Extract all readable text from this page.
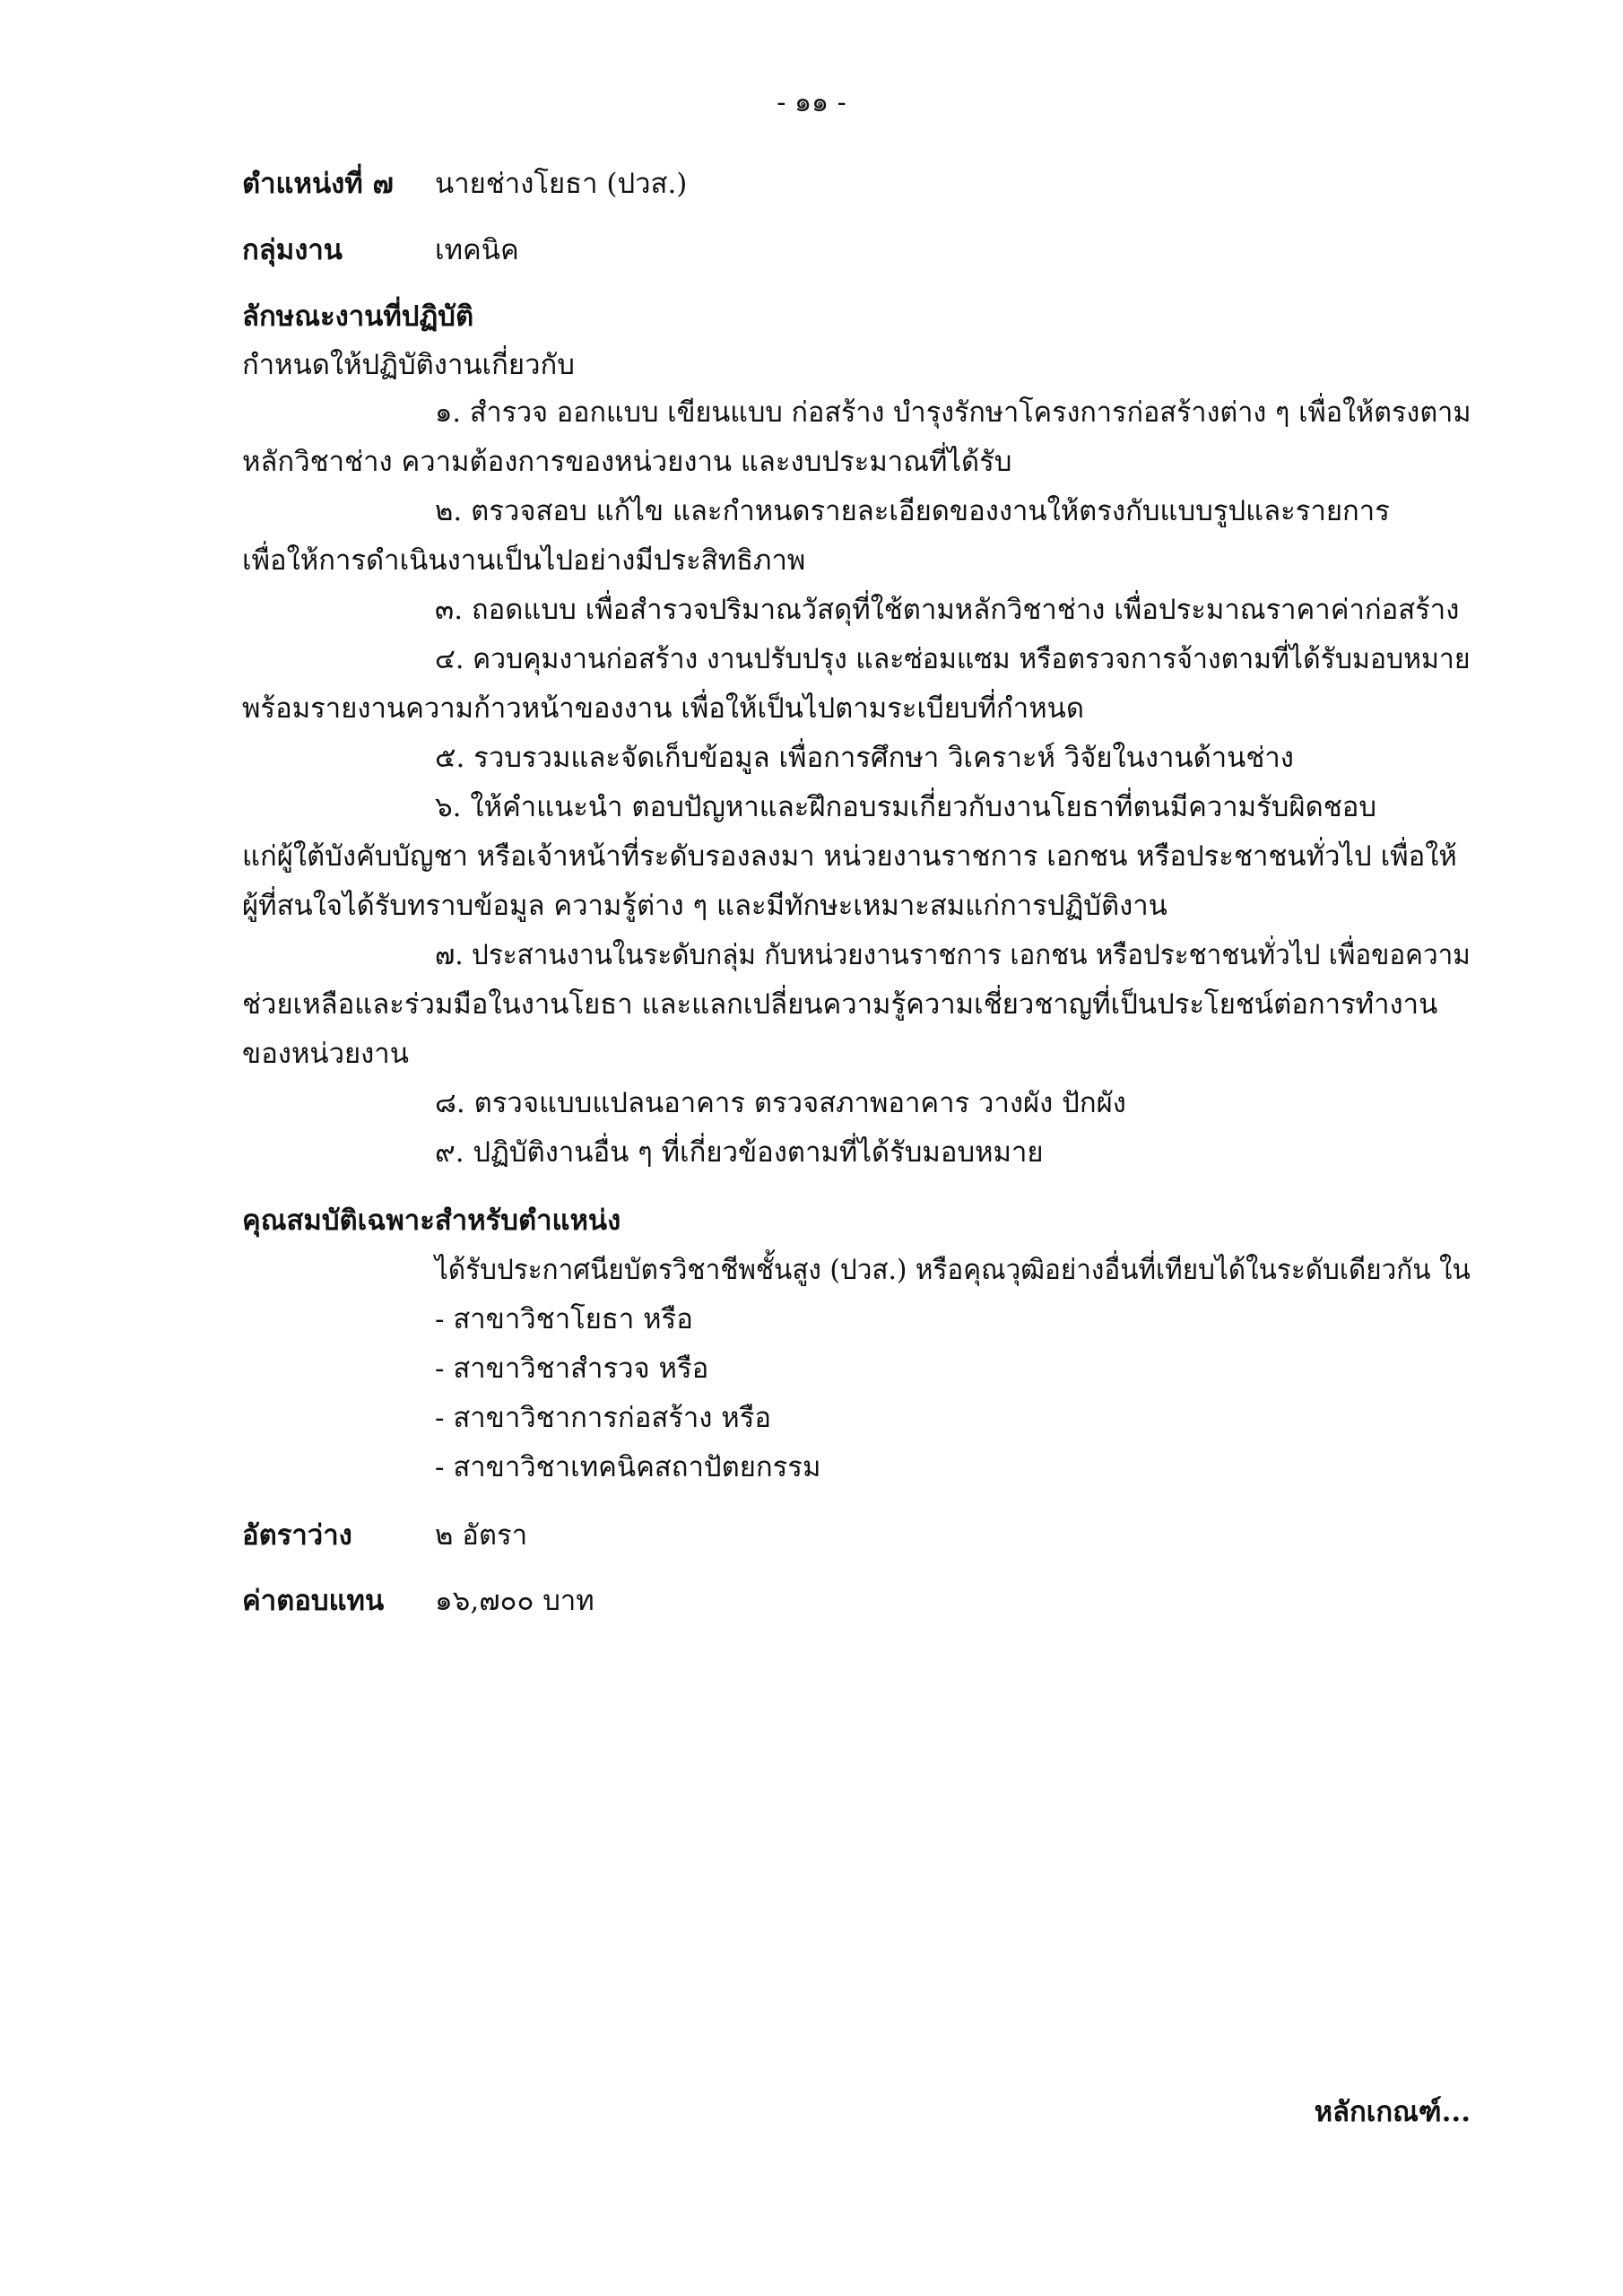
- ๑๑ -
ตำแหน่งที่ ๗ นายช่างโยธา (ปวส.)
กลุ่มงาน	เทคนิค
ลักษณะงานที่ปฏิบัติ
กำหนดให้ปฏิบัติงานเกี่ยวกับ
๑. สำรวจ ออกแบบ เขียนแบบ ก่อสร้าง บำรุงรักษาโครงการก่อสร้างต่าง ๆ เพื่อให้ตรงตาม
หลักวิชาช่าง ความต้องการของหน่วยงาน และงบประมาณที่ได้รับ
๒. ตรวจสอบ แก้ไข และกำหนดรายละเอียดของงานให้ตรงกับแบบรูปและรายการ
เพื่อให้การดำเนินงานเป็นไปอย่างมีประสิทธิภาพ
๓. ถอดแบบ เพื่อสำรวจปริมาณวัสดุที่ใช้ตามหลักวิชาช่าง เพื่อประมาณราคาค่าก่อสร้าง
๔. ควบคุมงานก่อสร้าง งานปรับปรุง และซ่อมแซม หรือตรวจการจ้างตามที่ได้รับมอบหมาย
พร้อมรายงานความก้าวหน้าของงาน เพื่อให้เป็นไปตามระเบียบที่กำหนด
๕. รวบรวมและจัดเก็บข้อมูล เพื่อการศึกษา วิเคราะห์ วิจัยในงานด้านช่าง
๖. ให้คำแนะนำ ตอบปัญหาและฝึกอบรมเกี่ยวกับงานโยธาที่ตนมีความรับผิดชอบ
แก่ผู้ใต้บังคับบัญชา หรือเจ้าหน้าที่ระดับรองลงมา หน่วยงานราชการ เอกชน หรือประชาชนทั่วไป เพื่อให้
ผู้ที่สนใจได้รับทราบข้อมูล ความรู้ต่าง ๆ และมีทักษะเหมาะสมแก่การปฏิบัติงาน
๗. ประสานงานในระดับกลุ่ม กับหน่วยงานราชการ เอกชน หรือประชาชนทั่วไป เพื่อขอความ
ช่วยเหลือและร่วมมือในงานโยธา และแลกเปลี่ยนความรู้ความเชี่ยวชาญที่เป็นประโยชน์ต่อการทำงาน
ของหน่วยงาน
๘. ตรวจแบบแปลนอาคาร ตรวจสภาพอาคาร วางผัง ปักผัง
๙. ปฏิบัติงานอื่น ๆ ที่เกี่ยวข้องตามที่ได้รับมอบหมาย
คุณสมบัติเฉพาะสำหรับตำแหน่ง
ได้รับประกาศนียบัตรวิชาชีพชั้นสูง (ปวส.) หรือคุณวุฒิอย่างอื่นที่เทียบได้ในระดับเดียวกัน ใน
- สาขาวิชาโยธา หรือ
- สาขาวิชาสำรวจ หรือ
- สาขาวิชาการก่อสร้าง หรือ
- สาขาวิชาเทคนิคสถาปัตยกรรม
อัตราว่าง	๒ อัตรา
ค่าตอบแทน ๑๖,๗๐๐ บาท
หลักเกณฑ์...
